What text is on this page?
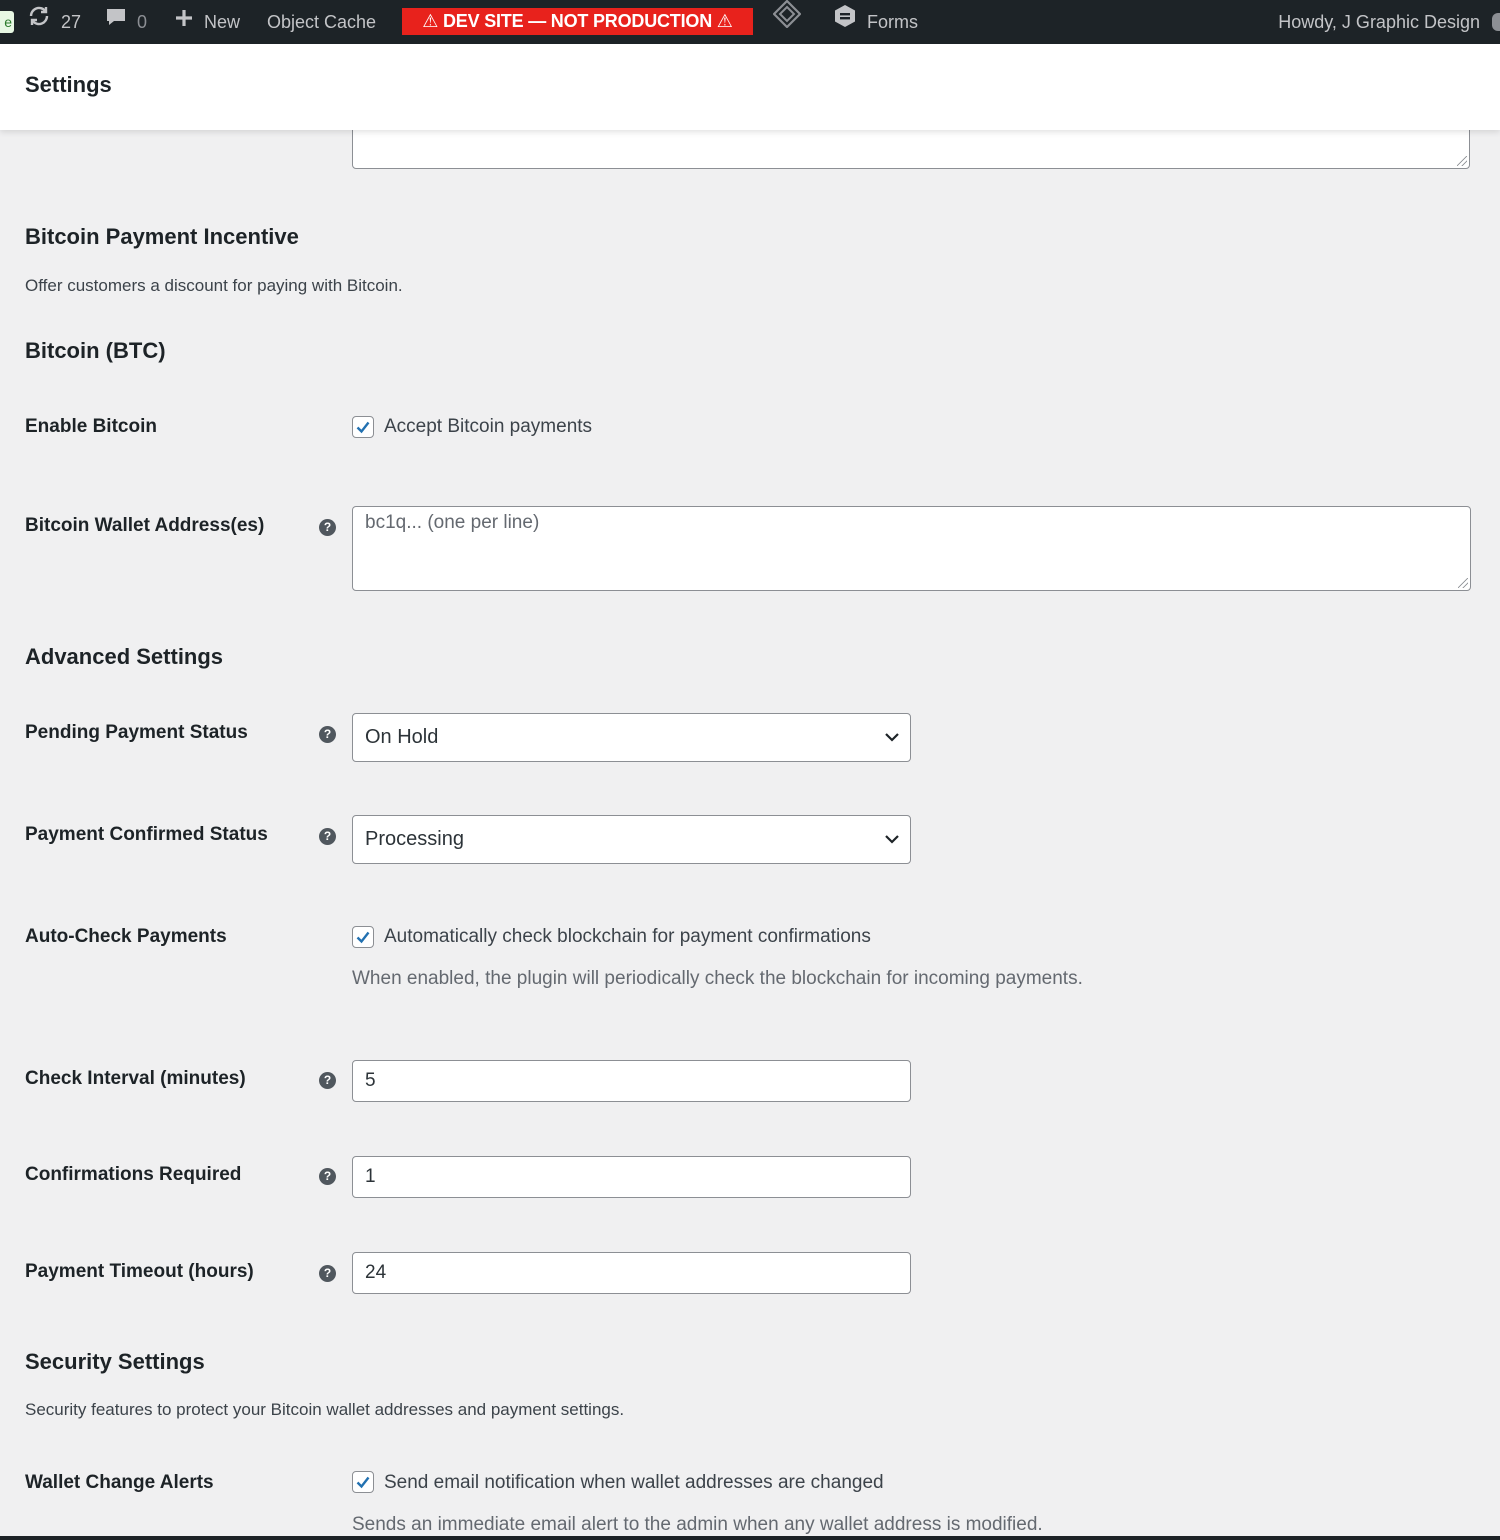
e	27	0	New Object Cache	⚠ DEV SITE — NOT PRODUCTION ⚠	Forms	Howdy, J Graphic Design
Settings
Bitcoin Payment Incentive

Offer customers a discount for paying with Bitcoin.

Bitcoin (BTC)
Enable Bitcoin	Accept Bitcoin payments
Bitcoin Wallet Address(es)	? bc1q... (one per line)
Advanced Settings
Pending Payment Status	? On Hold
Payment Confirmed Status	? Processing
Auto-Check Payments	Automatically check blockchain for payment confirmations
When enabled, the plugin will periodically check the blockchain for incoming payments.
Check Interval (minutes)	? 5
Confirmations Required	? 1
Payment Timeout (hours)	? 24
Security Settings

Security features to protect your Bitcoin wallet addresses and payment settings.

Wallet Change Alerts	Send email notification when wallet addresses are changed
Sends an immediate email alert to the admin when any wallet address is modified.
